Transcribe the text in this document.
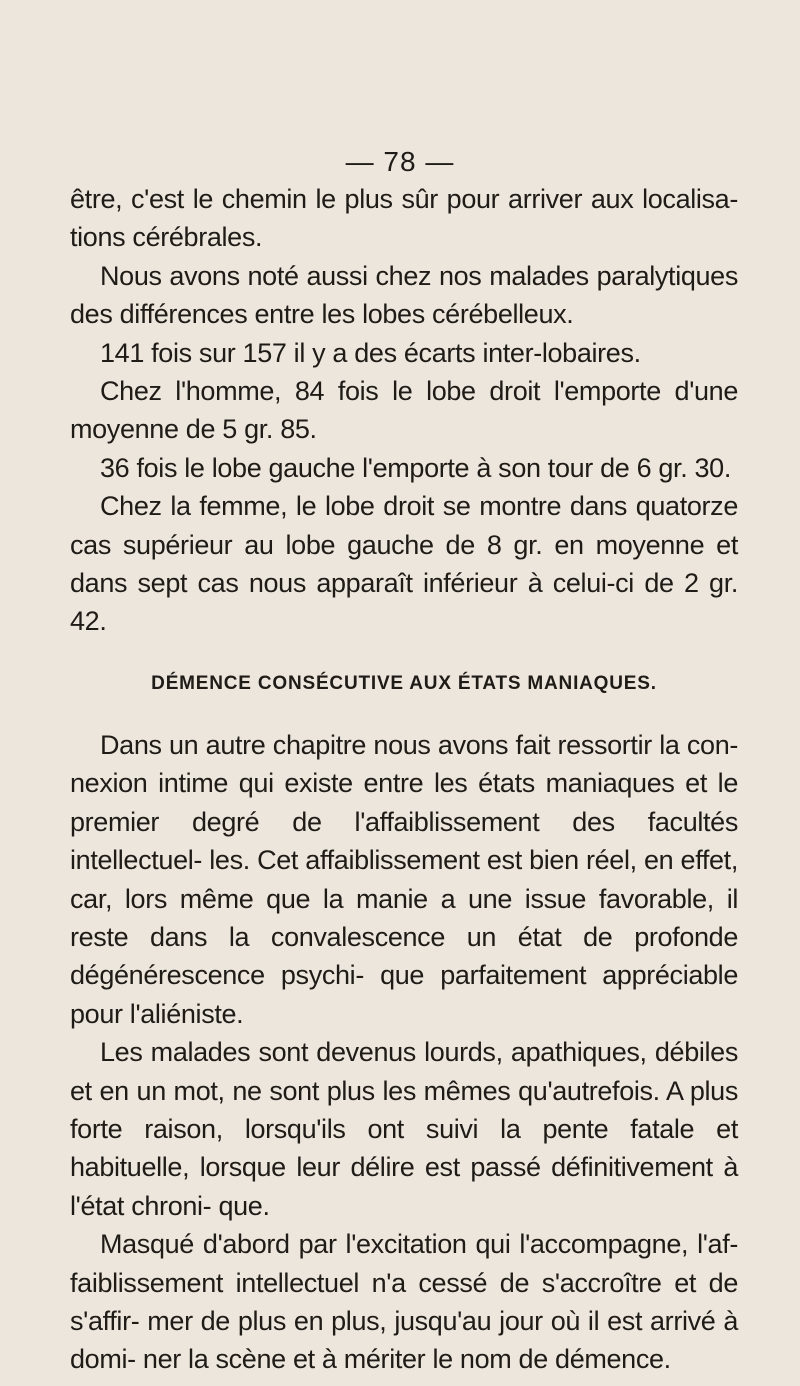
— 78 —

être, c'est le chemin le plus sûr pour arriver aux localisa- tions cérébrales.

Nous avons noté aussi chez nos malades paralytiques des différences entre les lobes cérébelleux.

141 fois sur 157 il y a des écarts inter-lobaires.

Chez l'homme, 84 fois le lobe droit l'emporte d'une moyenne de 5 gr. 85.

36 fois le lobe gauche l'emporte à son tour de 6 gr. 30.

Chez la femme, le lobe droit se montre dans quatorze cas supérieur au lobe gauche de 8 gr. en moyenne et dans sept cas nous apparaît inférieur à celui-ci de 2 gr. 42.

DÉMENCE CONSÉCUTIVE AUX ÉTATS MANIAQUES.

Dans un autre chapitre nous avons fait ressortir la con- nexion intime qui existe entre les états maniaques et le premier degré de l'affaiblissement des facultés intellectuel- les. Cet affaiblissement est bien réel, en effet, car, lors même que la manie a une issue favorable, il reste dans la convalescence un état de profonde dégénérescence psychi- que parfaitement appréciable pour l'aliéniste.

Les malades sont devenus lourds, apathiques, débiles et en un mot, ne sont plus les mêmes qu'autrefois. A plus forte raison, lorsqu'ils ont suivi la pente fatale et habituelle, lorsque leur délire est passé définitivement à l'état chroni- que.

Masqué d'abord par l'excitation qui l'accompagne, l'af- faiblissement intellectuel n'a cessé de s'accroître et de s'affir- mer de plus en plus, jusqu'au jour où il est arrivé à domi- ner la scène et à mériter le nom de démence.
